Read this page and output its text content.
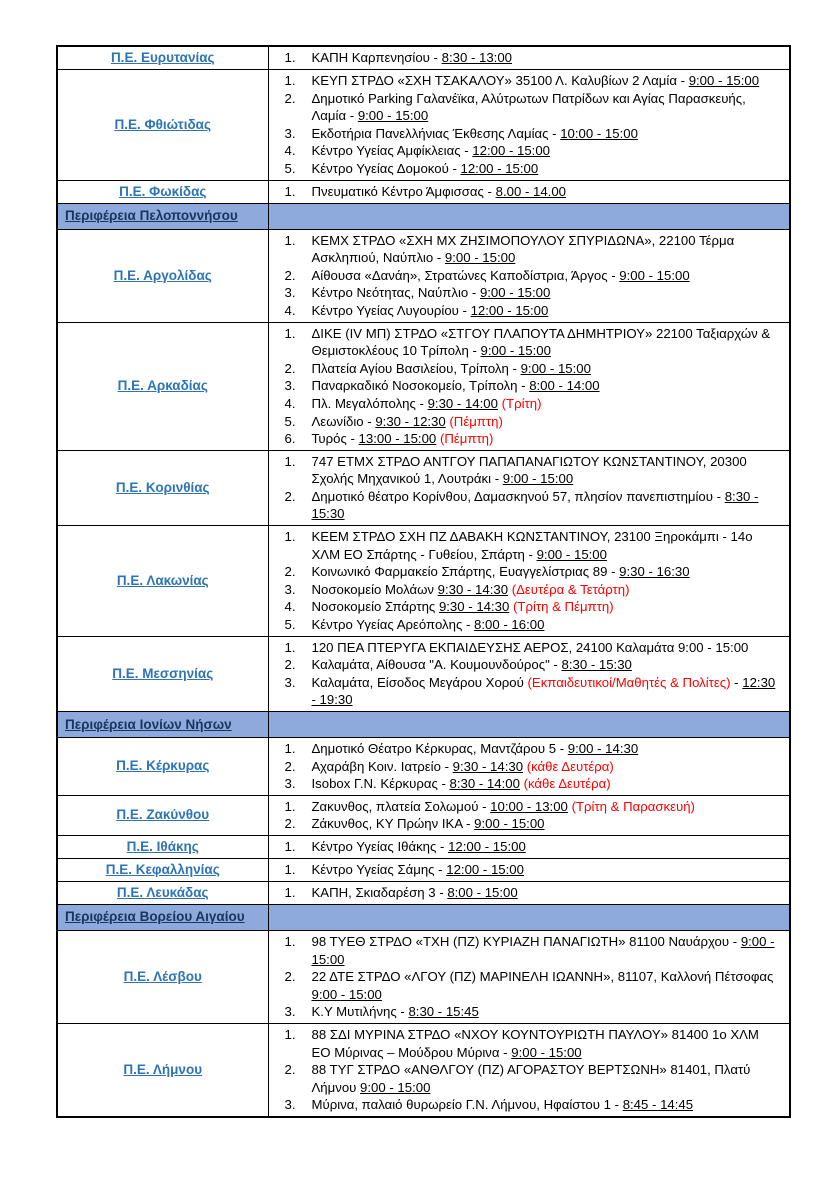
Π.Ε. Ευρυτανίας	1. ΚΑΠΗ Καρπενησίου - 8:30 - 13:00

Π.Ε. Φθιώτιδας	
1.	ΚΕΥΠ ΣΤΡΔΟ «ΣΧΗ ΤΣΑΚΑΛΟΥ» 35100 Λ. Καλυβίων 2 Λαμία - 9:00 - 15:00
2.	Δημοτικό Parking Γαλανέϊκα, Αλύτρωτων Πατρίδων και Αγίας Παρασκευής, Λαμία - 9:00 - 15:00
3.	Εκδοτήρια Πανελλήνιας Έκθεσης Λαμίας - 10:00 - 15:00
4.	Κέντρο Υγείας Αμφίκλειας - 12:00 - 15:00
5.	Κέντρο Υγείας Δομοκού - 12:00 - 15:00

Π.Ε. Φωκίδας	1. Πνευματικό Κέντρο Άμφισσας - 8.00 - 14.00

Περιφέρεια Πελοποννήσου	
Π.Ε. Αργολίδας	
1.	ΚΕΜΧ ΣΤΡΔΟ «ΣΧΗ ΜΧ ΖΗΣΙΜΟΠΟΥΛΟΥ ΣΠΥΡΙΔΩΝΑ», 22100 Τέρμα Ασκληπιού, Ναύπλιο - 9:00 - 15:00
2.	Αίθουσα «Δανάη», Στρατώνες Καποδίστρια, Άργος - 9:00 - 15:00
3.	Κέντρο Νεότητας, Ναύπλιο - 9:00 - 15:00
4.	Κέντρο Υγείας Λυγουρίου - 12:00 - 15:00

Π.Ε. Αρκαδίας	
1.	ΔΙΚΕ (IV ΜΠ) ΣΤΡΔΟ «ΣΤΓΟΥ ΠΛΑΠΟΥΤΑ ΔΗΜΗΤΡΙΟΥ» 22100 Ταξιαρχών & Θεμιστοκλέους 10 Τρίπολη - 9:00 - 15:00
2.	Πλατεία Αγίου Βασιλείου, Τρίπολη - 9:00 - 15:00
3.	Παναρκαδικό Νοσοκομείο, Τρίπολη - 8:00 - 14:00
4.	Πλ. Μεγαλόπολης - 9:30 - 14:00 (Τρίτη)
5.	Λεωνίδιο - 9:30 - 12:30 (Πέμπτη)
6.	Τυρός - 13:00 - 15:00 (Πέμπτη)

Π.Ε. Κορινθίας	1. 747 ΕΤΜΧ ΣΤΡΔΟ ΑΝΤΓΟΥ ΠΑΠΑΠΑΝΑΓΙΩΤΟΥ ΚΩΝΣΤΑΝΤΙΝΟΥ, 20300 Σχολής Μηχανικού 1, Λουτράκι - 9:00 - 15:00
2. Δημοτικό θέατρο Κορίνθου, Δαμασκηνού 57, πλησίον πανεπιστημίου - 8:30 - 15:30

Π.Ε. Λακωνίας	
1.	ΚΕΕΜ ΣΤΡΔΟ ΣΧΗ ΠΖ ΔΑΒΑΚΗ ΚΩΝΣΤΑΝΤΙΝΟΥ, 23100 Ξηροκάμπι - 14ο ΧΛΜ ΕΟ Σπάρτης - Γυθείου, Σπάρτη - 9:00 - 15:00
2.	Κοινωνικό Φαρμακείο Σπάρτης, Ευαγγελίστριας 89 - 9:30 - 16:30
3.	Νοσοκομείο Μολάων 9:30 - 14:30 (Δευτέρα & Τετάρτη)
4.	Νοσοκομείο Σπάρτης 9:30 - 14:30 (Τρίτη & Πέμπτη)
5.	Κέντρο Υγείας Αρεόπολης - 8:00 - 16:00

Π.Ε. Μεσσηνίας	
1.	120 ΠΕΑ ΠΤΕΡΥΓΑ ΕΚΠΑΙΔΕΥΣΗΣ ΑΕΡΟΣ, 24100 Καλαμάτα 9:00 - 15:00
2.	Καλαμάτα, Αίθουσα "Α. Κουμουνδούρος" - 8:30 - 15:30
3.	Καλαμάτα, Είσοδος Μεγάρου Χορού (Εκπαιδευτικοί/Μαθητές & Πολίτες) - 12:30 - 19:30

Περιφέρεια Ιονίων Νήσων	
Π.Ε. Κέρκυρας	
1.	Δημοτικό Θέατρο Κέρκυρας, Μαντζάρου 5 - 9:00 - 14:30
2.	Αχαράβη Κοιν. Ιατρείο - 9:30 - 14:30 (κάθε Δευτέρα)
3.	Isobox Γ.Ν. Κέρκυρας - 8:30 - 14:00 (κάθε Δευτέρα)

Π.Ε. Ζακύνθου	1. Ζακυνθος, πλατεία Σολωμού - 10:00 - 13:00 (Τρίτη & Παρασκευή)
2. Ζάκυνθος, ΚΥ Πρώην ΙΚΑ - 9:00 - 15:00

Π.Ε. Ιθάκης	1. Κέντρο Υγείας Ιθάκης - 12:00 - 15:00

Π.Ε. Κεφαλληνίας	1. Κέντρο Υγείας Σάμης - 12:00 - 15:00

Π.Ε. Λευκάδας	1. ΚΑΠΗ, Σκιαδαρέση 3 - 8:00 - 15:00

Περιφέρεια Βορείου Αιγαίου	
Π.Ε. Λέσβου	
1.	98 ΤΥΕΘ ΣΤΡΔΟ «ΤΧΗ (ΠΖ) ΚΥΡΙΑΖΗ ΠΑΝΑΓΙΩΤΗ» 81100 Ναυάρχου - 9:00 - 15:00
2.	22 ΔΤΕ ΣΤΡΔΟ «ΛΓΟΥ (ΠΖ) ΜΑΡΙΝΕΛΗ ΙΩΑΝΝΗ», 81107, Καλλονή Πέτσοφας 9:00 - 15:00
3.	Κ.Υ Μυτιλήνης - 8:30 - 15:45

Π.Ε. Λήμνου	
1.	88 ΣΔΙ ΜΥΡΙΝΑ ΣΤΡΔΟ «ΝΧΟΥ ΚΟΥΝΤΟΥΡΙΩΤΗ ΠΑΥΛΟΥ» 81400 1ο ΧΛΜ ΕΟ Μύρινας – Μούδρου Μύρινα - 9:00 - 15:00
2.	88 ΤΥΓ ΣΤΡΔΟ «ΑΝΘΛΓΟΥ (ΠΖ) ΑΓΟΡΑΣΤΟΥ ΒΕΡΤΣΩΝΗ» 81401, Πλατύ Λήμνου 9:00 - 15:00
3.	Μύρινα, παλαιό θυρωρείο Γ.Ν. Λήμνου, Ηφαίστου 1 - 8:45 - 14:45
